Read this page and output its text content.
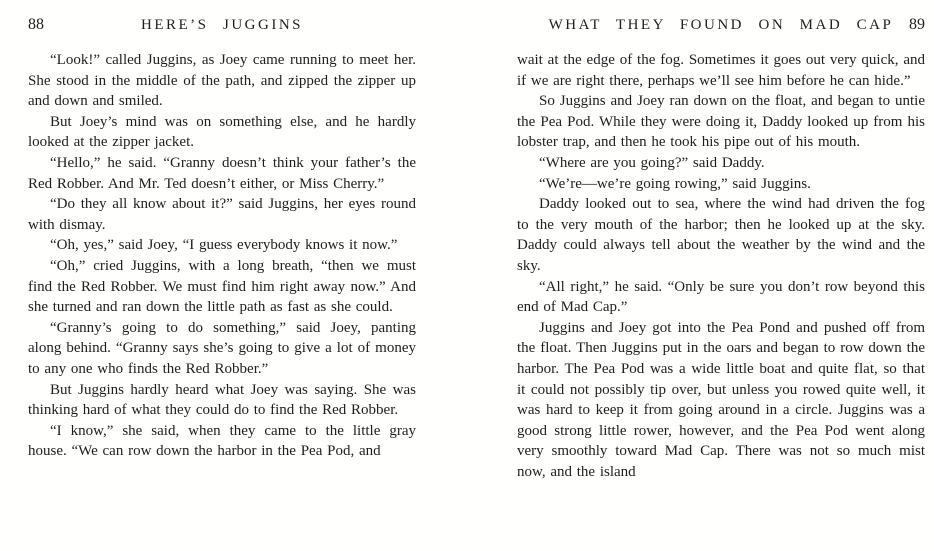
88	HERE’S JUGGINS

“Look!” called Juggins, as Joey came running to meet her. She stood in the middle of the path, and zipped the zipper up and down and smiled.

But Joey’s mind was on something else, and he hardly looked at the zipper jacket.

“Hello,” he said. “Granny doesn’t think your father’s the Red Robber. And Mr. Ted doesn’t either, or Miss Cherry.”

“Do they all know about it?” said Juggins, her eyes round with dismay.

“Oh, yes,” said Joey, “I guess everybody knows it now.”

“Oh,” cried Juggins, with a long breath, “then we must find the Red Robber. We must find him right away now.” And she turned and ran down the little path as fast as she could.

“Granny’s going to do something,” said Joey, panting along behind. “Granny says she’s going to give a lot of money to any one who finds the Red Robber.”

But Juggins hardly heard what Joey was saying. She was thinking hard of what they could do to find the Red Robber.

“I know,” she said, when they came to the little gray house. “We can row down the harbor in the Pea Pod, and

WHAT THEY FOUND ON MAD CAP 89

wait at the edge of the fog. Sometimes it goes out very quick, and if we are right there, perhaps we’ll see him before he can hide.”

So Juggins and Joey ran down on the float, and began to untie the Pea Pod. While they were doing it, Daddy looked up from his lobster trap, and then he took his pipe out of his mouth.

“Where are you going?” said Daddy.

“We’re—we’re going rowing,” said Juggins.

Daddy looked out to sea, where the wind had driven the fog to the very mouth of the harbor; then he looked up at the sky. Daddy could always tell about the weather by the wind and the sky.

“All right,” he said. “Only be sure you don’t row beyond this end of Mad Cap.”

Juggins and Joey got into the Pea Pond and pushed off from the float. Then Juggins put in the oars and began to row down the harbor. The Pea Pod was a wide little boat and quite flat, so that it could not possibly tip over, but unless you rowed quite well, it was hard to keep it from going around in a circle. Juggins was a good strong little rower, however, and the Pea Pod went along very smoothly toward Mad Cap. There was not so much mist now, and the island
